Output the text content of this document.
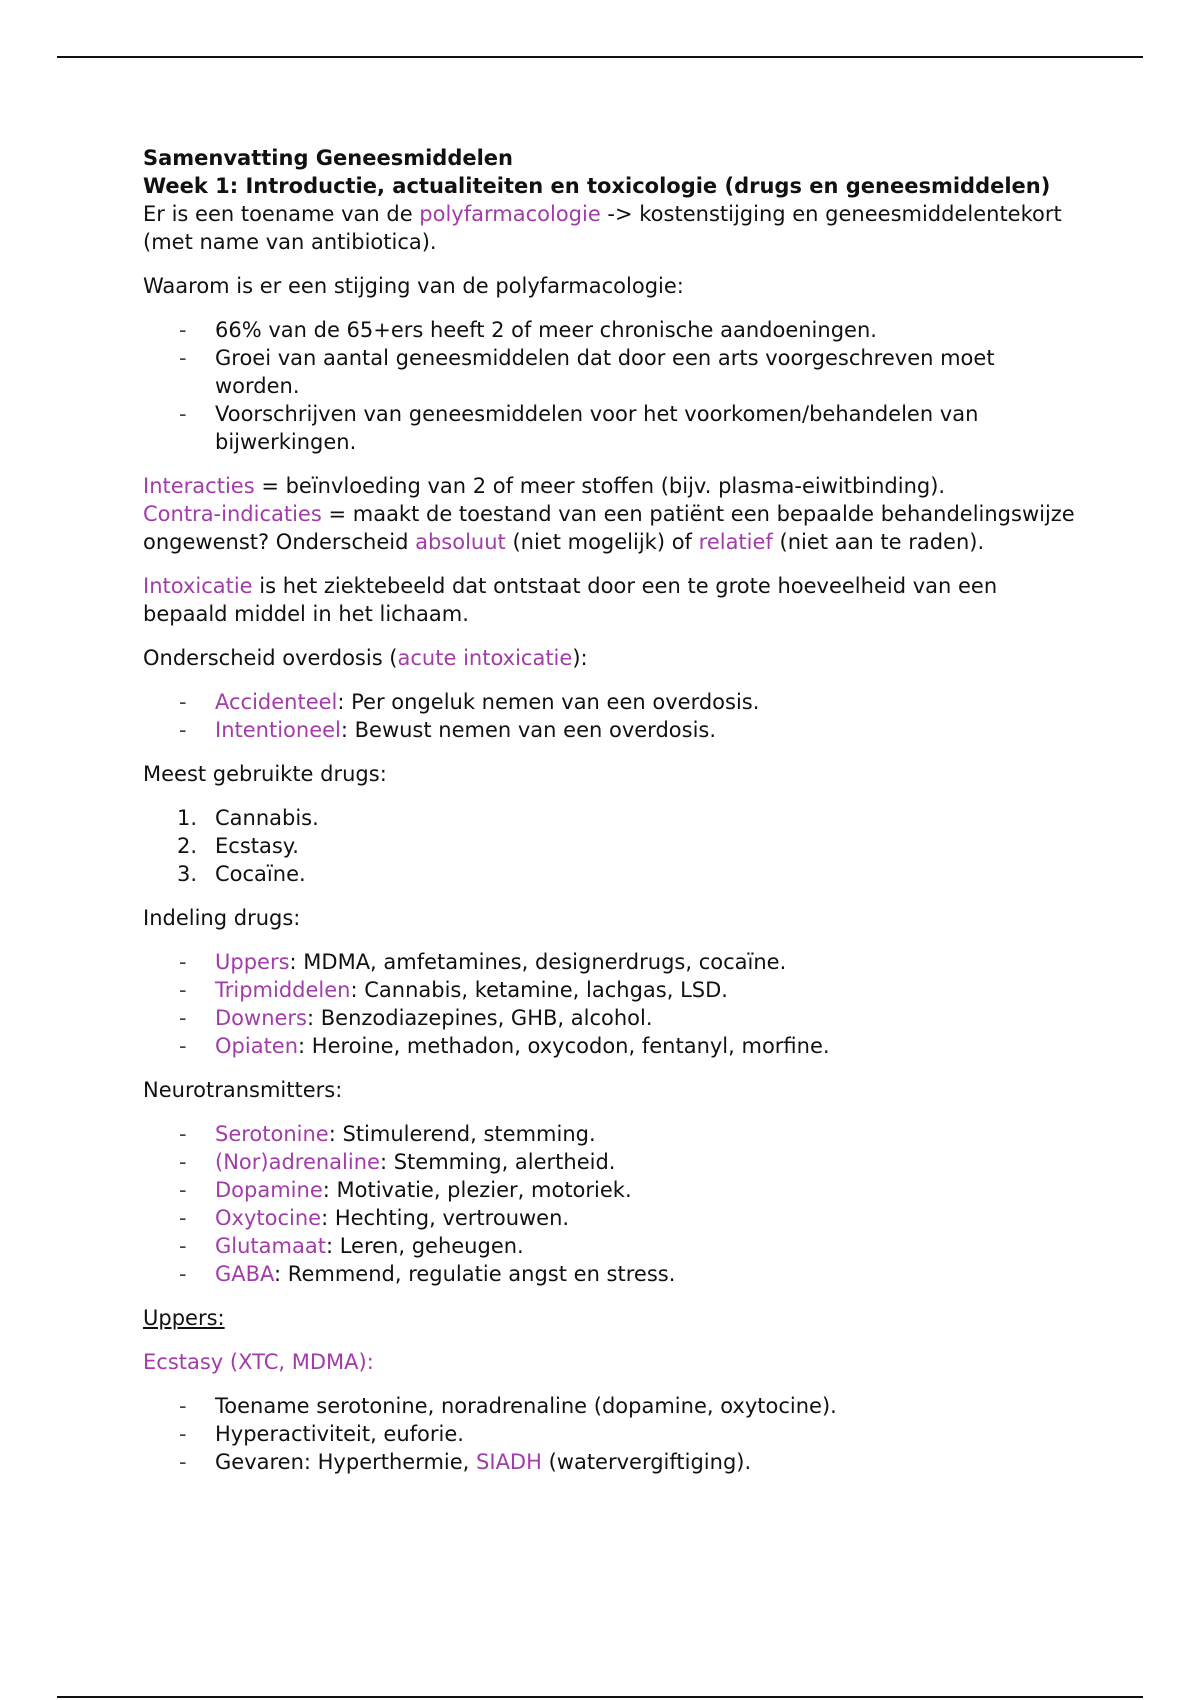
Samenvatting Geneesmiddelen

Week 1: Introductie, actualiteiten en toxicologie (drugs en geneesmiddelen)

Er is een toename van de polyfarmacologie -> kostenstijging en geneesmiddelentekort (met name van antibiotica).

Waarom is er een stijging van de polyfarmacologie:

-	66% van de 65+ers heeft 2 of meer chronische aandoeningen.
-	Groei van aantal geneesmiddelen dat door een arts voorgeschreven moet worden.
-	Voorschrijven van geneesmiddelen voor het voorkomen/behandelen van bijwerkingen.

Interacties = beïnvloeding van 2 of meer stoffen (bijv. plasma-eiwitbinding).
Contra-indicaties = maakt de toestand van een patiënt een bepaalde behandelingswijze ongewenst? Onderscheid absoluut (niet mogelijk) of relatief (niet aan te raden).

Intoxicatie is het ziektebeeld dat ontstaat door een te grote hoeveelheid van een bepaald middel in het lichaam.

Onderscheid overdosis (acute intoxicatie):

-	Accidenteel: Per ongeluk nemen van een overdosis.
-	Intentioneel: Bewust nemen van een overdosis.

Meest gebruikte drugs:

1. Cannabis.
2. Ecstasy.
3. Cocaïne.

Indeling drugs:

-	Uppers: MDMA, amfetamines, designerdrugs, cocaïne.
-	Tripmiddelen: Cannabis, ketamine, lachgas, LSD.
-	Downers: Benzodiazepines, GHB, alcohol.
-	Opiaten: Heroine, methadon, oxycodon, fentanyl, morfine.

Neurotransmitters:

-	Serotonine: Stimulerend, stemming.
-	(Nor)adrenaline: Stemming, alertheid.
-	Dopamine: Motivatie, plezier, motoriek.
-	Oxytocine: Hechting, vertrouwen.
-	Glutamaat: Leren, geheugen.
-	GABA: Remmend, regulatie angst en stress.

Uppers:

Ecstasy (XTC, MDMA):

-	Toename serotonine, noradrenaline (dopamine, oxytocine).
-	Hyperactiviteit, euforie.
-	Gevaren: Hyperthermie, SIADH (watervergiftiging).
